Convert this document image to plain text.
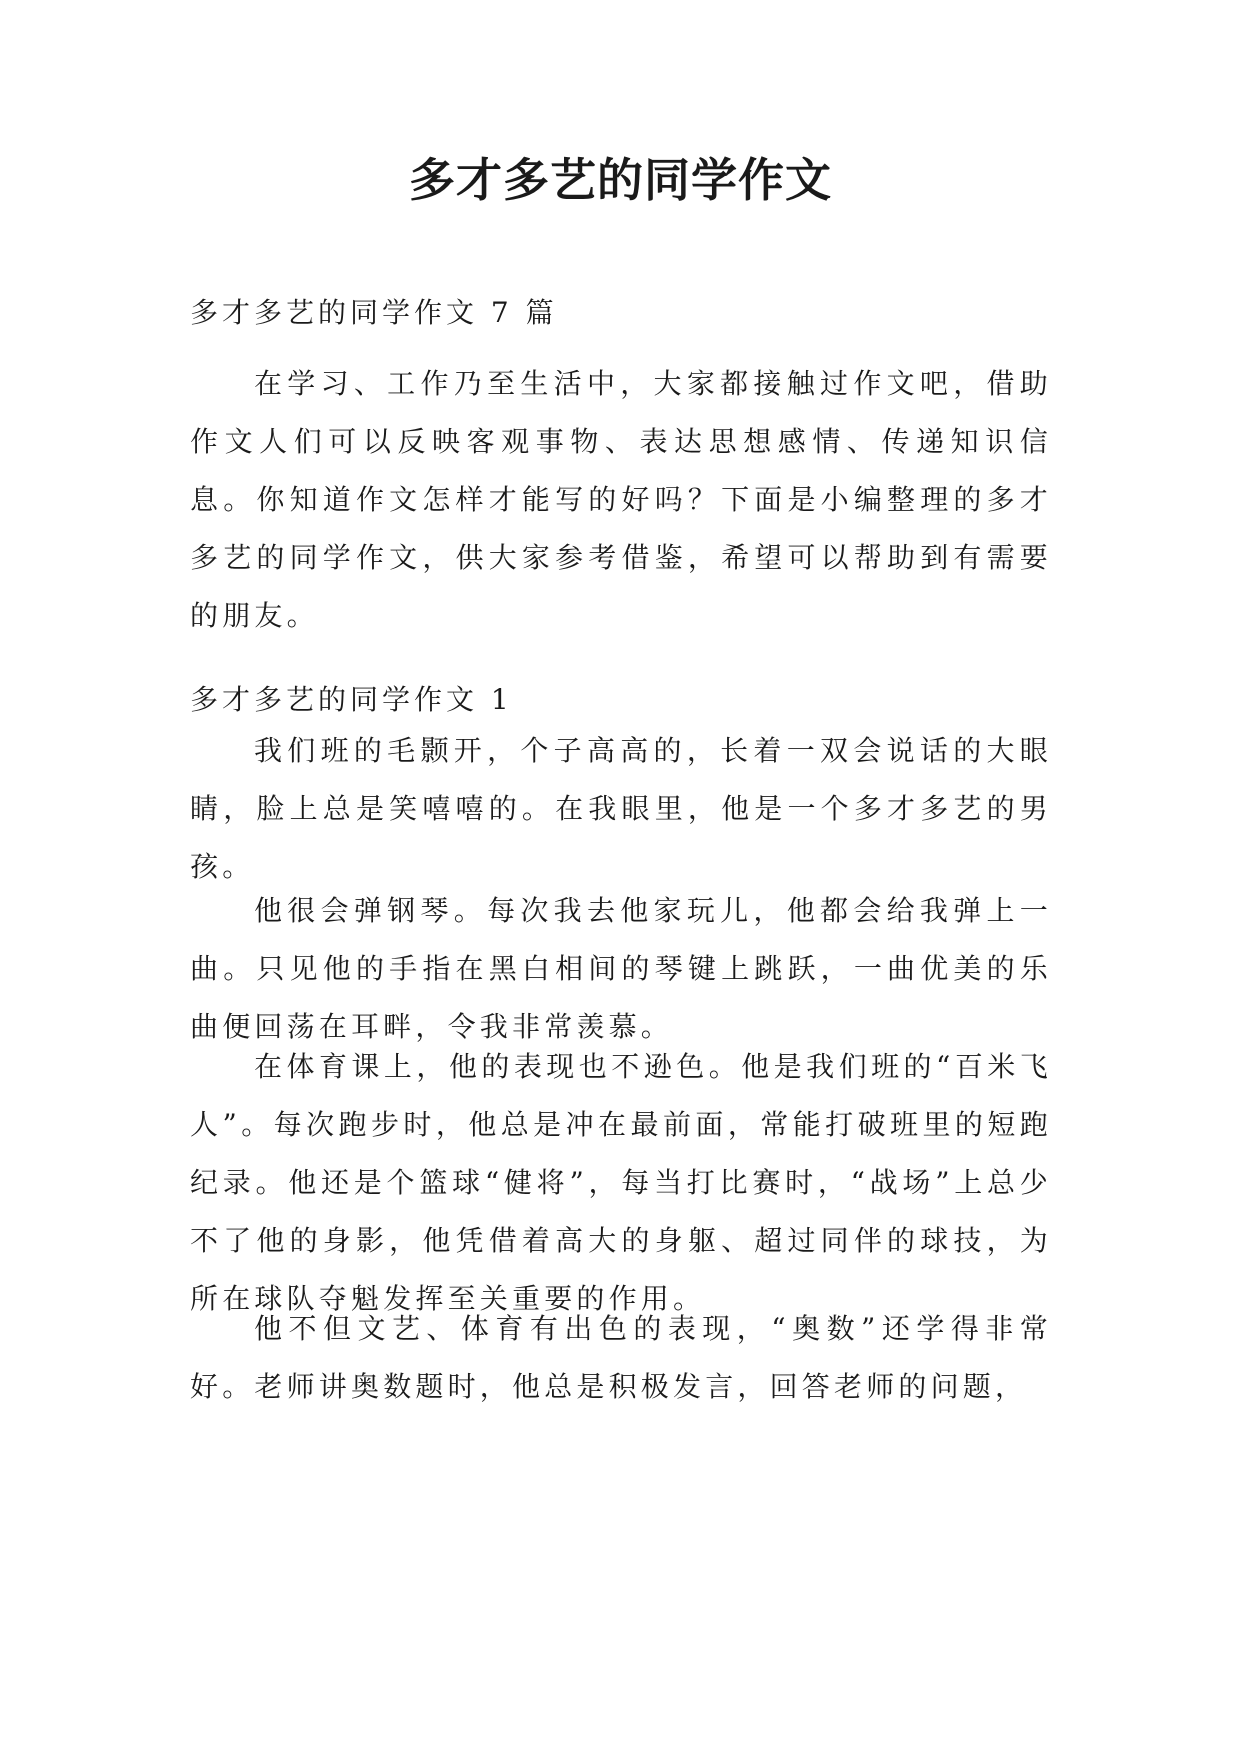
多才多艺的同学作文

多才多艺的同学作文 7 篇

在学习、工作乃至生活中，大家都接触过作文吧，借助作文人们可以反映客观事物、表达思想感情、传递知识信息。你知道作文怎样才能写的好吗？下面是小编整理的多才多艺的同学作文，供大家参考借鉴，希望可以帮助到有需要的朋友。

多才多艺的同学作文 1

我们班的毛颢开，个子高高的，长着一双会说话的大眼睛，脸上总是笑嘻嘻的。在我眼里，他是一个多才多艺的男孩。

他很会弹钢琴。每次我去他家玩儿，他都会给我弹上一曲。只见他的手指在黑白相间的琴键上跳跃，一曲优美的乐曲便回荡在耳畔，令我非常羡慕。

在体育课上，他的表现也不逊色。他是我们班的“百米飞人”。每次跑步时，他总是冲在最前面，常能打破班里的短跑纪录。他还是个篮球“健将”，每当打比赛时，“战场”上总少不了他的身影，他凭借着高大的身躯、超过同伴的球技，为所在球队夺魁发挥至关重要的作用。

他不但文艺、体育有出色的表现，“奥数”还学得非常好。老师讲奥数题时，他总是积极发言，回答老师的问题，
